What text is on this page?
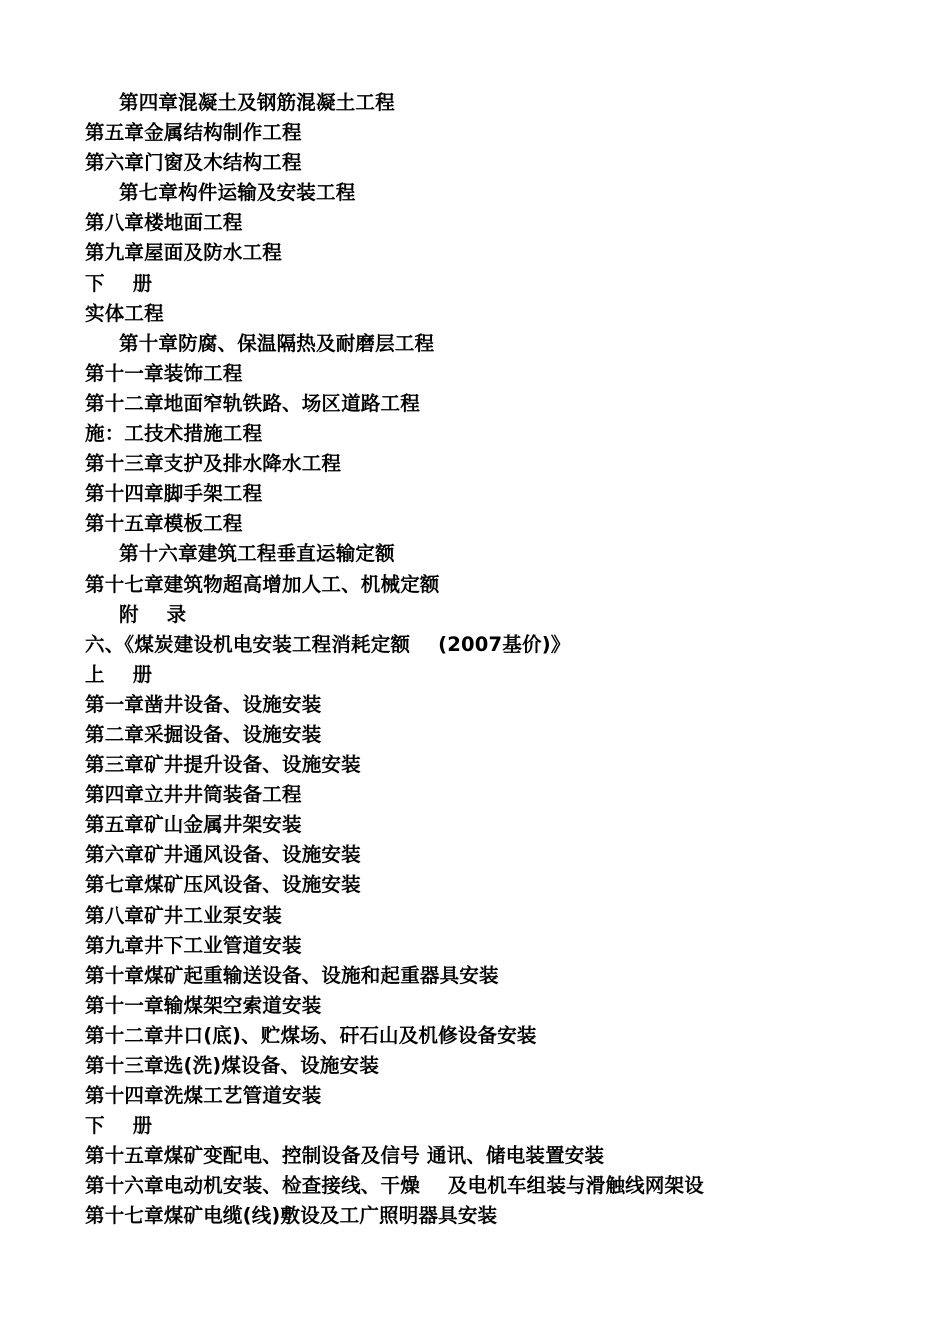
第四章混凝土及钢筋混凝土工程
第五章金属结构制作工程
第六章门窗及木结构工程
第七章构件运输及安装工程
第八章楼地面工程
第九章屋面及防水工程
下    册
实体工程
第十章防腐、保温隔热及耐磨层工程
第十一章装饰工程
第十二章地面窄轨铁路、场区道路工程
施：工技术措施工程
第十三章支护及排水降水工程
第十四章脚手架工程
第十五章模板工程
第十六章建筑工程垂直运输定额
第十七章建筑物超高增加人工、机械定额
附    录
六、《煤炭建设机电安装工程消耗定额    (2007基价)》
上    册
第一章凿井设备、设施安装
第二章采掘设备、设施安装
第三章矿井提升设备、设施安装
第四章立井井筒装备工程
第五章矿山金属井架安装
第六章矿井通风设备、设施安装
第七章煤矿压风设备、设施安装
第八章矿井工业泵安装
第九章井下工业管道安装
第十章煤矿起重输送设备、设施和起重器具安装
第十一章输煤架空索道安装
第十二章井口(底)、贮煤场、矸石山及机修设备安装
第十三章选(洗)煤设备、设施安装
第十四章洗煤工艺管道安装
下    册
第十五章煤矿变配电、控制设备及信号 通讯、储电装置安装
第十六章电动机安装、检查接线、干燥    及电机车组装与滑触线网架设
第十七章煤矿电缆(线)敷设及工广照明器具安装
